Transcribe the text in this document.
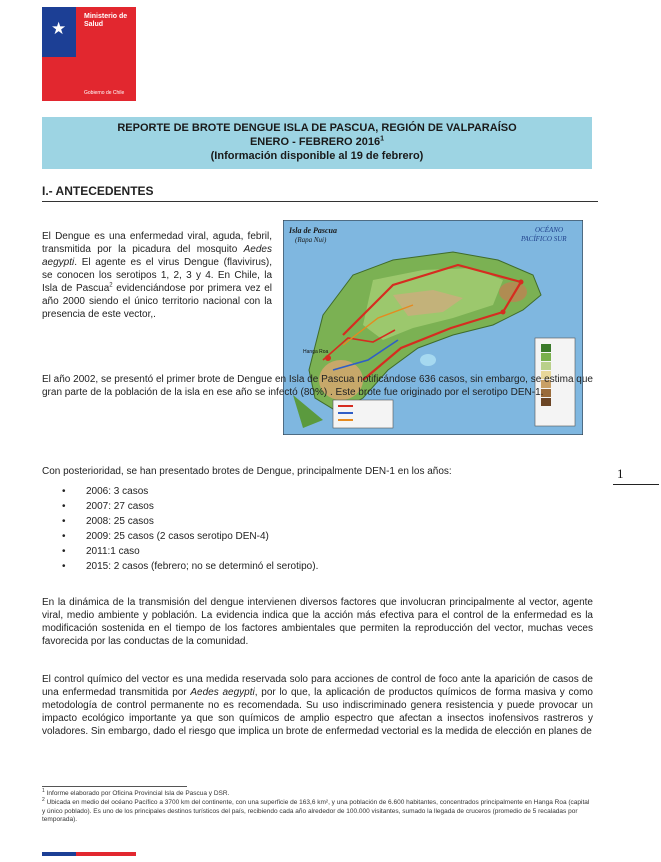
★
Ministerio de Salud
Gobierno de Chile
REPORTE DE BROTE DENGUE ISLA DE PASCUA, REGIÓN DE VALPARAÍSO
ENERO - FEBRERO 2016$^1$
(Información disponible al 19 de febrero)
I.- ANTECEDENTES
El Dengue es una enfermedad viral, aguda, febril, transmitida por la picadura del mosquito Aedes aegypti. El agente es el virus Dengue (flavivirus), se conocen los serotipos 1, 2, 3 y 4. En Chile, la Isla de Pascua$^2$ evidenciándose por primera vez el año 2000 siendo el único territorio nacional con la presencia de este vector,.
Isla de Pascua
(Rapa Nui)
OCÉANO
PACÍFICO SUR
Hanga Roa
El año 2002, se presentó el primer brote de Dengue en Isla de Pascua notificándose 636 casos, sin embargo, se estima que gran parte de la población de la isla en ese año se infectó (80%) . Este brote fue originado por el serotipo DEN-1.
Con posterioridad, se han presentado brotes de Dengue, principalmente DEN-1 en los años:
• 2006: 3 casos
• 2007: 27 casos
• 2008: 25 casos
• 2009: 25 casos (2 casos serotipo DEN-4)
• 2011:1 caso
• 2015: 2 casos (febrero; no se determinó el serotipo).
1
En la dinámica de la transmisión del dengue intervienen diversos factores que involucran principalmente al vector, agente viral, medio ambiente y población. La evidencia indica que la acción más efectiva para el control de la enfermedad es la modificación sostenida en el tiempo de los factores ambientales que permiten la reproducción del vector, muchas veces favorecida por las conductas de la comunidad.
El control químico del vector es una medida reservada solo para acciones de control de foco ante la aparición de casos de una enfermedad transmitida por Aedes aegypti, por lo que, la aplicación de productos químicos de forma masiva y como metodología de control permanente no es recomendada. Su uso indiscriminado genera resistencia y puede provocar un impacto ecológico importante ya que son químicos de amplio espectro que afectan a insectos inofensivos rastreros y voladores. Sin embargo, dado el riesgo que implica un brote de enfermedad vectorial es la medida de elección en planes de
$^1$ Informe elaborado por Oficina Provincial Isla de Pascua y DSR.
$^2$ Ubicada en medio del océano Pacífico a 3700 km del continente, con una superficie de 163,6 km², y una población de 6.600 habitantes, concentrados principalmente en Hanga Roa (capital y único poblado). Es uno de los principales destinos turísticos del país, recibiendo cada año alrededor de 100.000 visitantes, sumado la llegada de cruceros (promedio de 5 recaladas por temporada).
